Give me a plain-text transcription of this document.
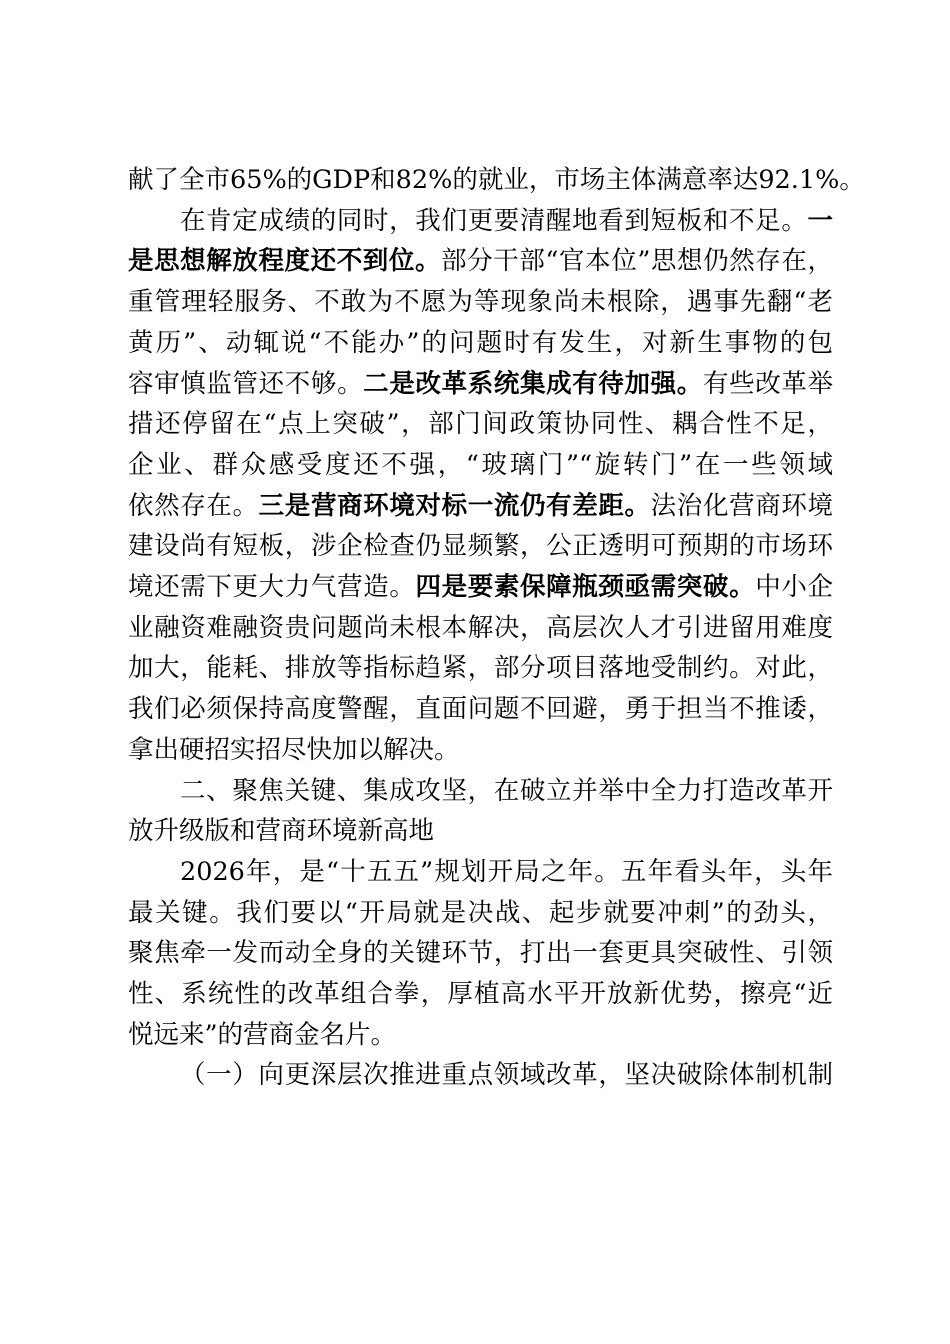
献了全市65%的GDP和82%的就业，市场主体满意率达92.1%。
在肯定成绩的同时，我们更要清醒地看到短板和不足。一
是思想解放程度还不到位。部分干部“官本位”思想仍然存在，
重管理轻服务、不敢为不愿为等现象尚未根除，遇事先翻“老
黄历”、动辄说“不能办”的问题时有发生，对新生事物的包
容审慎监管还不够。二是改革系统集成有待加强。有些改革举
措还停留在“点上突破”，部门间政策协同性、耦合性不足，
企业、群众感受度还不强，“玻璃门”“旋转门”在一些领域
依然存在。三是营商环境对标一流仍有差距。法治化营商环境
建设尚有短板，涉企检查仍显频繁，公正透明可预期的市场环
境还需下更大力气营造。四是要素保障瓶颈亟需突破。中小企
业融资难融资贵问题尚未根本解决，高层次人才引进留用难度
加大，能耗、排放等指标趋紧，部分项目落地受制约。对此，
我们必须保持高度警醒，直面问题不回避，勇于担当不推诿，
拿出硬招实招尽快加以解决。
二、聚焦关键、集成攻坚，在破立并举中全力打造改革开
放升级版和营商环境新高地
2026年，是“十五五”规划开局之年。五年看头年，头年
最关键。我们要以“开局就是决战、起步就要冲刺”的劲头，
聚焦牵一发而动全身的关键环节，打出一套更具突破性、引领
性、系统性的改革组合拳，厚植高水平开放新优势，擦亮“近
悦远来”的营商金名片。
（一）向更深层次推进重点领域改革，坚决破除体制机制
